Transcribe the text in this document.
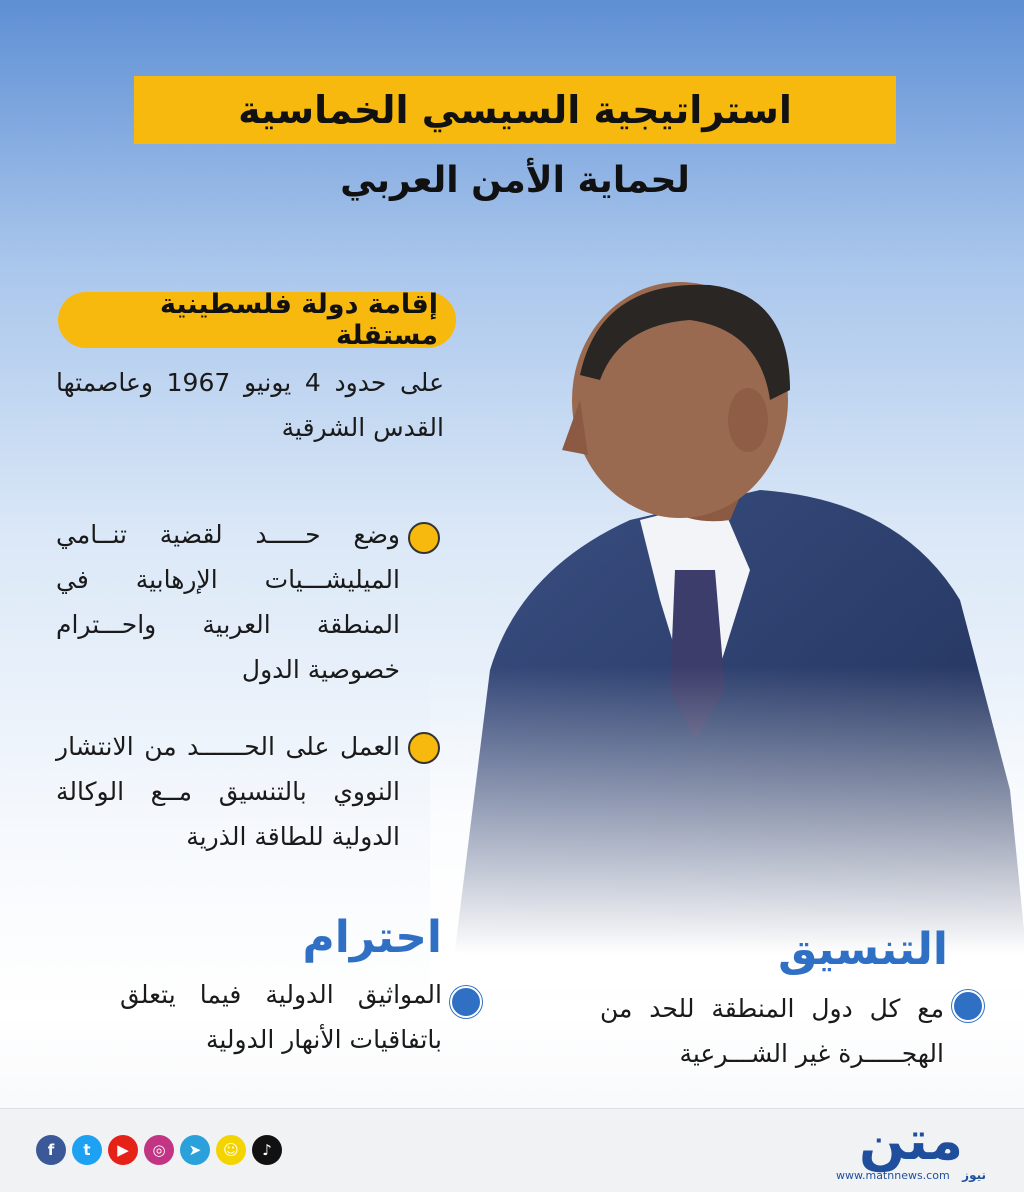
استراتيجية السيسي الخماسية
لحماية الأمن العربي
إقامة دولة فلسطينية مستقلة
على حدود 4 يونيو 1967 وعاصمتها القدس الشرقية
وضع حـــــد لقضية تنــامي الميليشـــيات الإرهابية في المنطقة العربية واحـــترام خصوصية الدول
العمل على الحــــــد من الانتشار النووي بالتنسيق مــع الوكالة الدولية للطاقة الذرية
احترام
المواثيق الدولية فيما يتعلق باتفاقيات الأنهار الدولية
التنسيق
مع كل دول المنطقة للحد من الهجـــــرة غير الشـــرعية
f	t	▶	◎	➤	☺	♪	متن
www.matnnews.com نيوز
